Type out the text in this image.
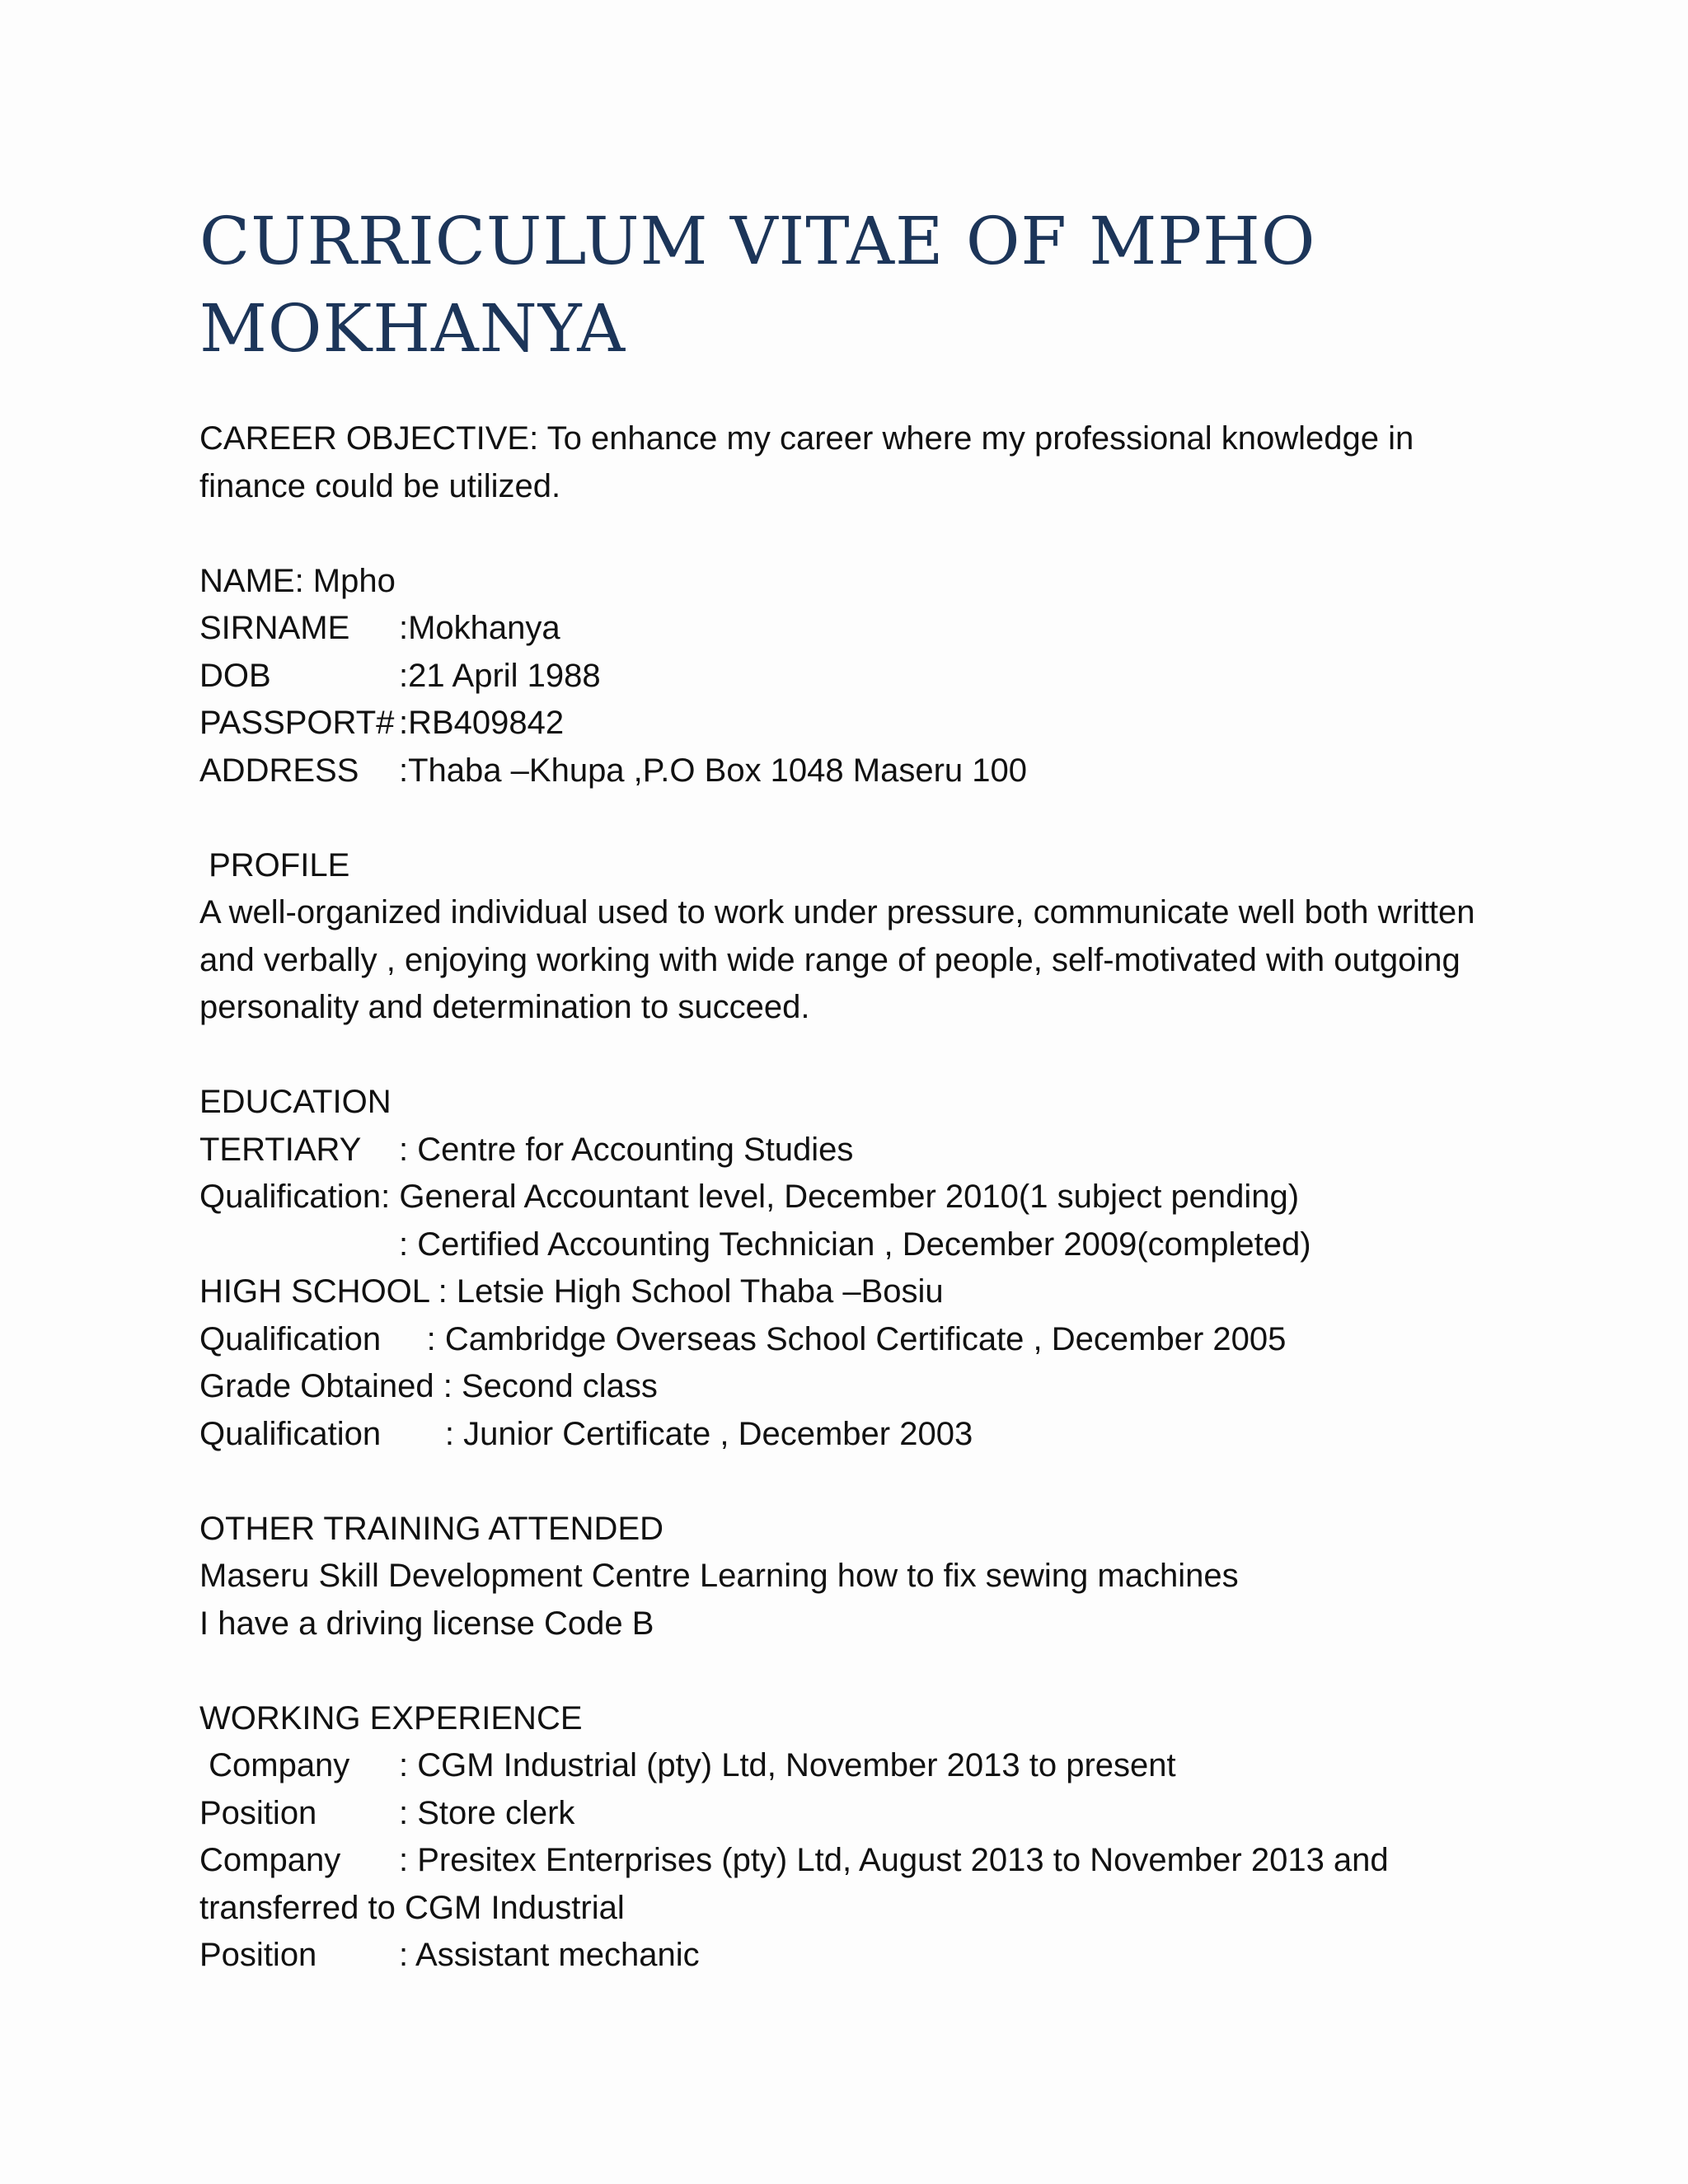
CURRICULUM VITAE OF MPHO MOKHANYA
CAREER OBJECTIVE: To enhance my career where my professional knowledge in finance could be utilized.
NAME: Mpho
SIRNAME	:Mokhanya
DOB	:21 April 1988
PASSPORT# :RB409842
ADDRESS	:Thaba –Khupa ,P.O Box 1048 Maseru 100
PROFILE
A well-organized individual used to work under pressure, communicate well both written and verbally , enjoying working with wide range of people, self-motivated with outgoing personality and determination to succeed.
EDUCATION
TERTIARY	: Centre for Accounting Studies
Qualification: General Accountant level, December 2010(1 subject pending)
: Certified Accounting Technician , December 2009(completed)
HIGH SCHOOL : Letsie High School Thaba –Bosiu
Qualification     : Cambridge Overseas School Certificate , December 2005
Grade Obtained : Second class
Qualification       : Junior Certificate , December 2003
OTHER TRAINING ATTENDED
Maseru Skill Development Centre Learning how to fix sewing machines
I have a driving license Code B
WORKING EXPERIENCE
Company	: CGM Industrial (pty) Ltd, November 2013 to present
Position	: Store clerk
Company : Presitex Enterprises (pty) Ltd, August 2013 to November 2013 and transferred to CGM Industrial
Position	: Assistant mechanic
